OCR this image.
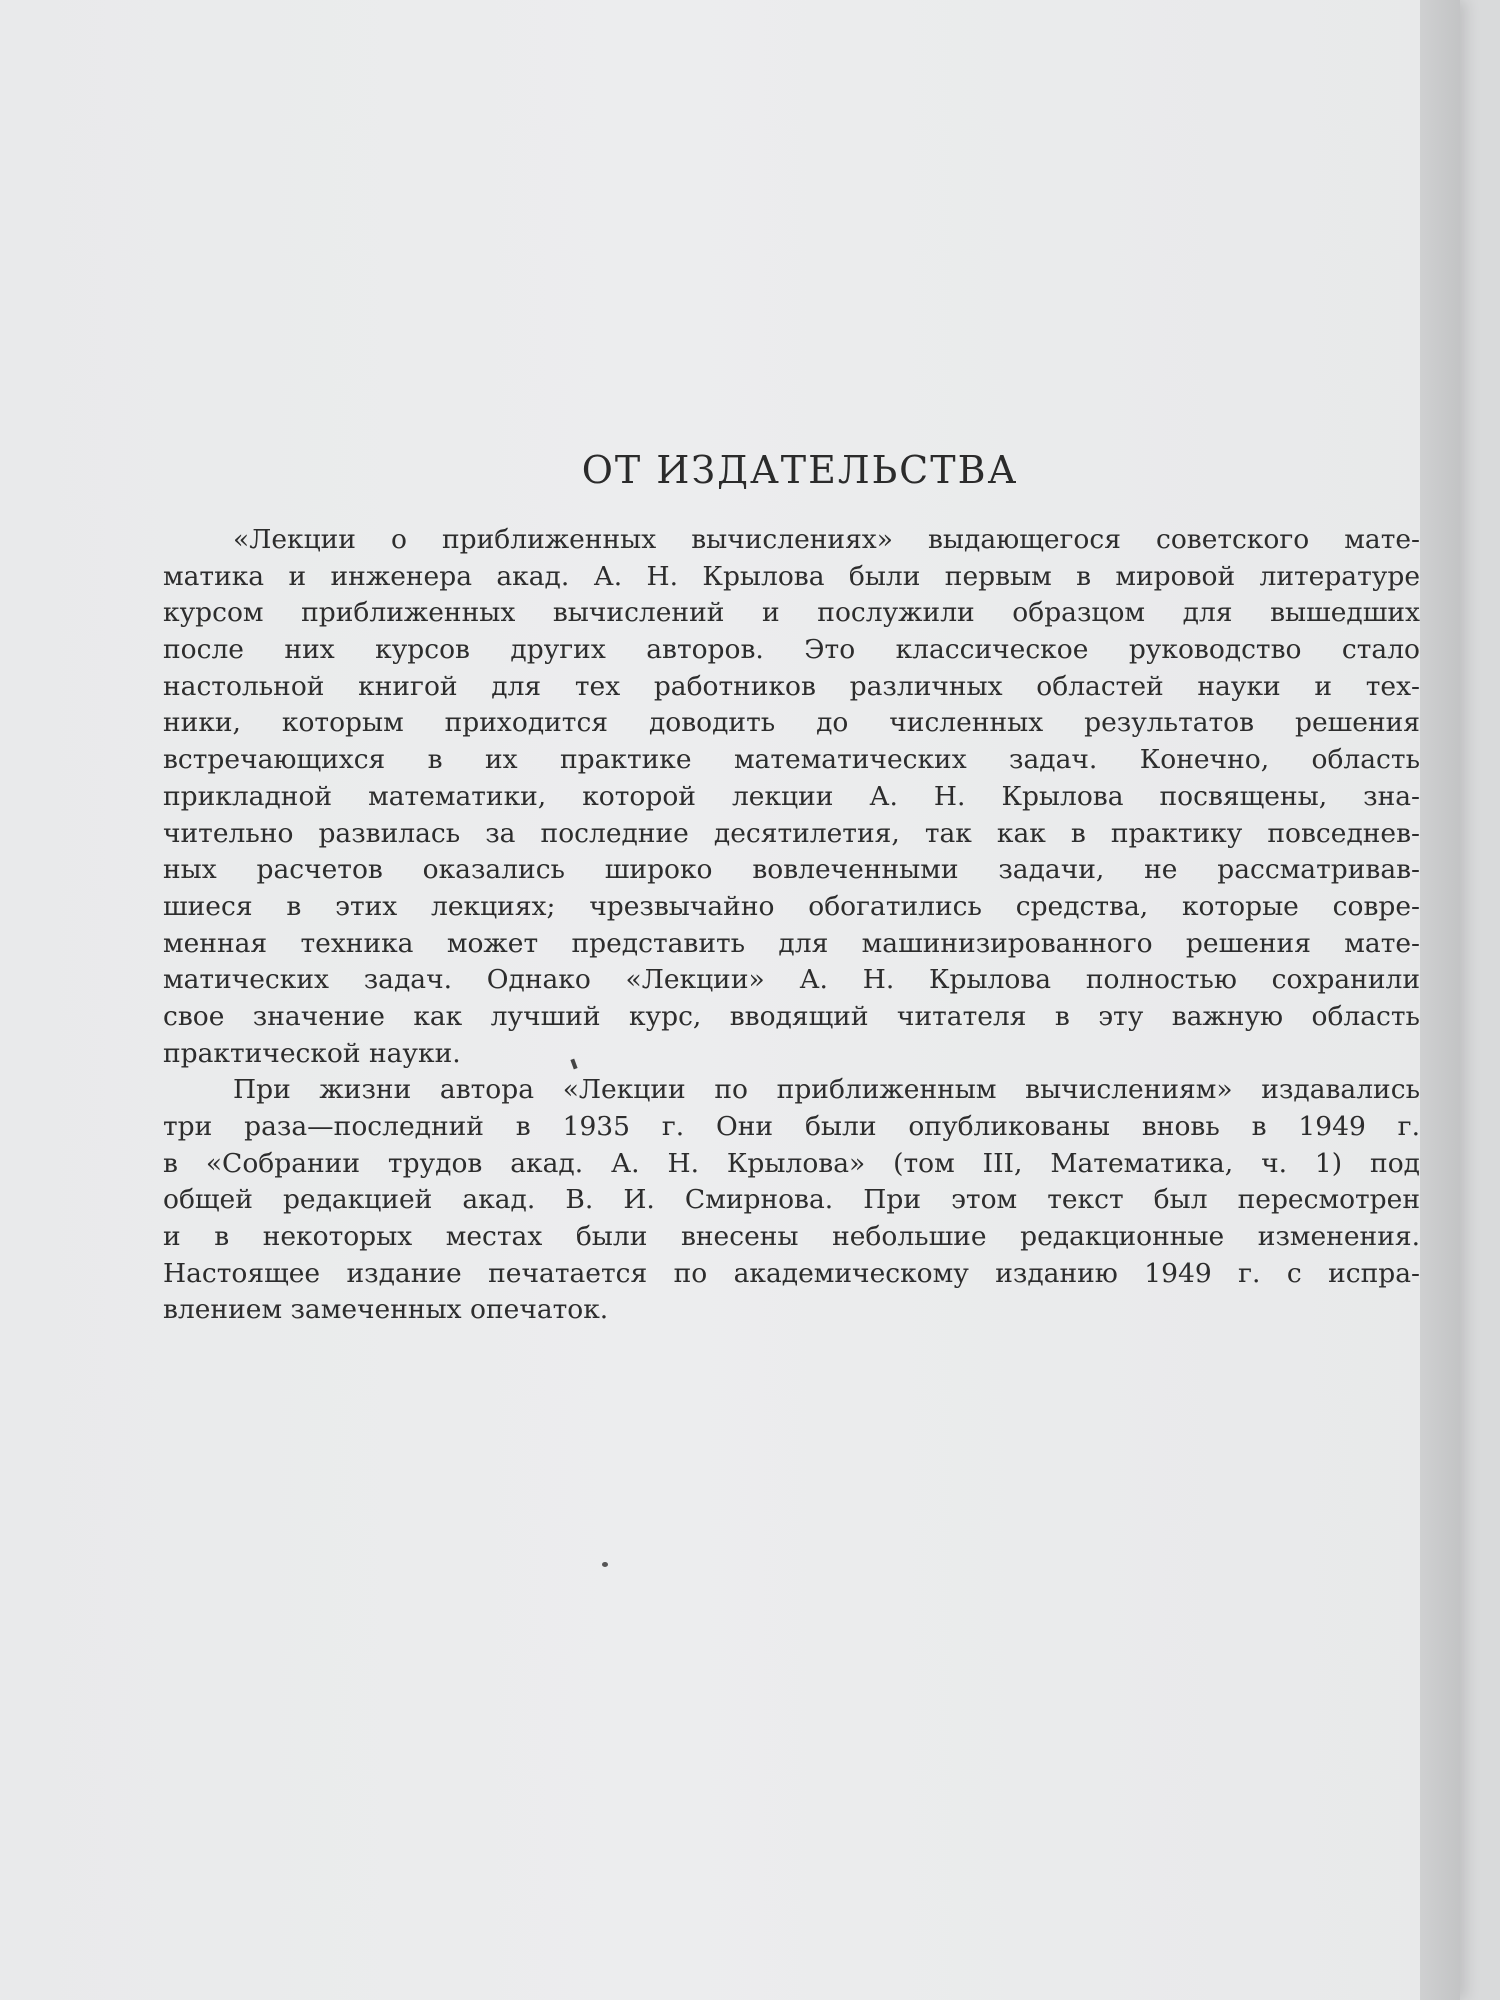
ОТ ИЗДАТЕЛЬСТВА
«Лекции о приближенных вычислениях» выдающегося советского мате-
матика и инженера акад. А. Н. Крылова были первым в мировой литературе
курсом приближенных вычислений и послужили образцом для вышедших
после них курсов других авторов. Это классическое руководство стало
настольной книгой для тех работников различных областей науки и тех-
ники, которым приходится доводить до численных результатов решения
встречающихся в их практике математических задач. Конечно, область
прикладной математики, которой лекции А. Н. Крылова посвящены, зна-
чительно развилась за последние десятилетия, так как в практику повседнев-
ных расчетов оказались широко вовлеченными задачи, не рассматривав-
шиеся в этих лекциях; чрезвычайно обогатились средства, которые совре-
менная техника может представить для машинизированного решения мате-
матических задач. Однако «Лекции» А. Н. Крылова полностью сохранили
свое значение как лучший курс, вводящий читателя в эту важную область
практической науки.
При жизни автора «Лекции по приближенным вычислениям» издавались
три раза—последний в 1935 г. Они были опубликованы вновь в 1949 г.
в «Собрании трудов акад. А. Н. Крылова» (том III, Математика, ч. 1) под
общей редакцией акад. В. И. Смирнова. При этом текст был пересмотрен
и в некоторых местах были внесены небольшие редакционные изменения.
Настоящее издание печатается по академическому изданию 1949 г. с испра-
влением замеченных опечаток.
